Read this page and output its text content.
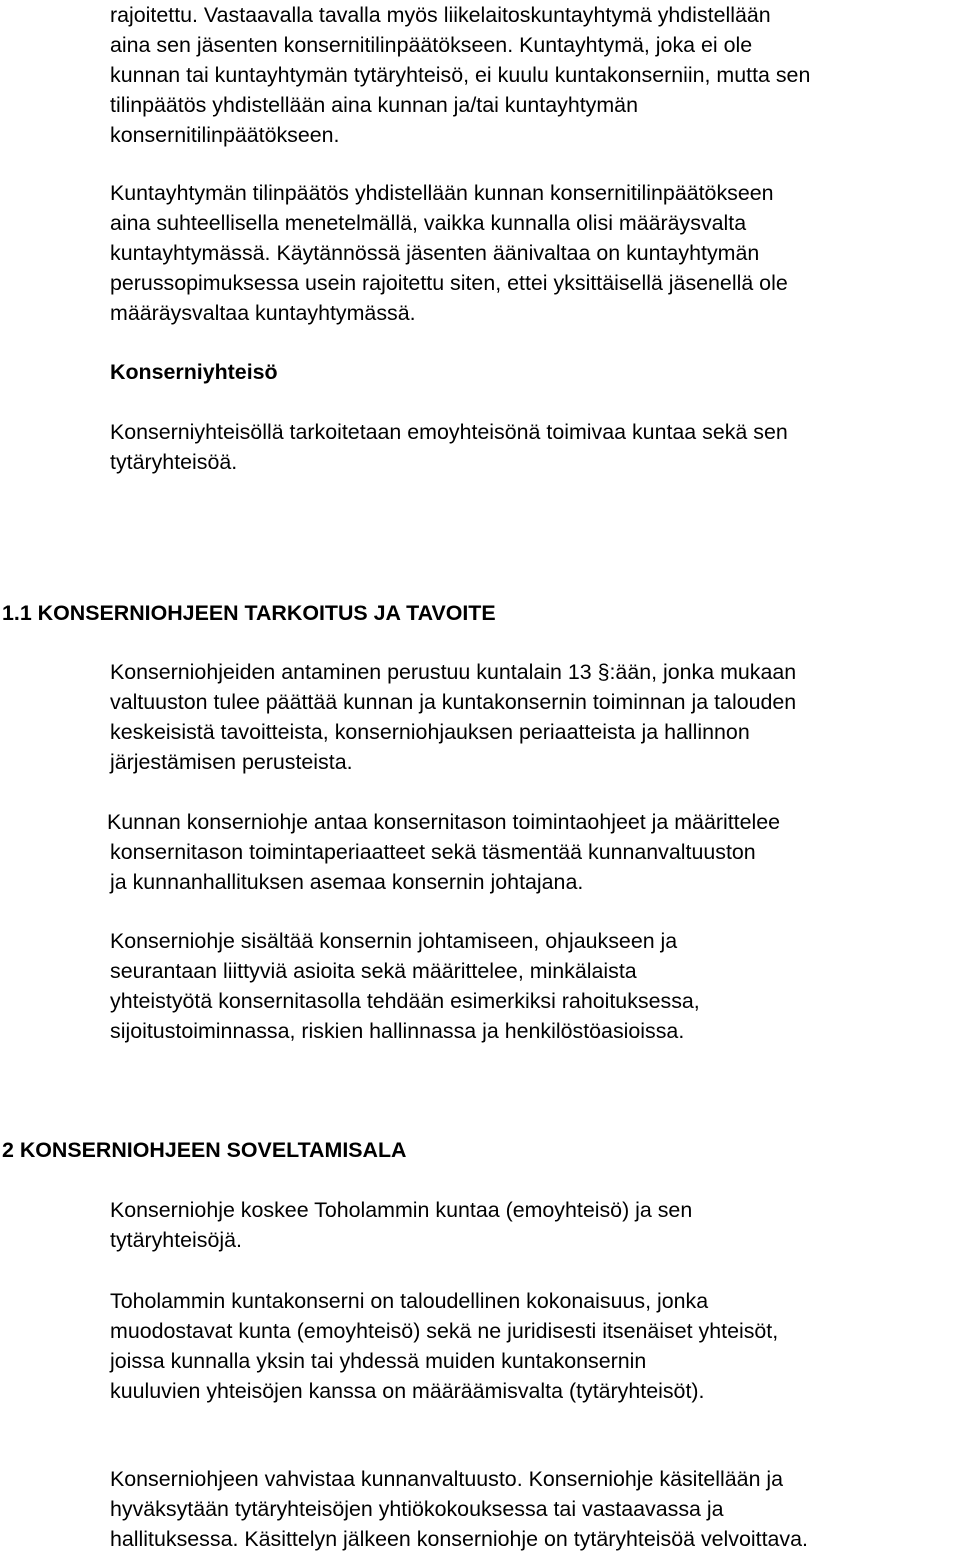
rajoitettu. Vastaavalla tavalla myös liikelaitoskuntayhtymä yhdistellään
aina sen jäsenten konsernitilinpäätökseen. Kuntayhtymä, joka ei ole
kunnan tai kuntayhtymän tytäryhteisö, ei kuulu kuntakonserniin, mutta sen
tilinpäätös yhdistellään aina kunnan ja/tai kuntayhtymän
konsernitilinpäätökseen.
Kuntayhtymän tilinpäätös yhdistellään kunnan konsernitilinpäätökseen
aina suhteellisella menetelmällä, vaikka kunnalla olisi määräysvalta
kuntayhtymässä. Käytännössä jäsenten äänivaltaa on kuntayhtymän
perussopimuksessa usein rajoitettu siten, ettei yksittäisellä jäsenellä ole
määräysvaltaa kuntayhtymässä.
Konserniyhteisö
Konserniyhteisöllä tarkoitetaan emoyhteisönä toimivaa kuntaa sekä sen
tytäryhteisöä.
1.1 KONSERNIOHJEEN TARKOITUS JA TAVOITE
Konserniohjeiden antaminen perustuu kuntalain 13 §:ään, jonka mukaan
valtuuston tulee päättää kunnan ja kuntakonsernin toiminnan ja talouden
keskeisistä tavoitteista, konserniohjauksen periaatteista ja hallinnon
järjestämisen perusteista.
Kunnan konserniohje antaa konsernitason toimintaohjeet ja määrittelee
konsernitason toimintaperiaatteet sekä täsmentää kunnanvaltuuston
ja kunnanhallituksen asemaa konsernin johtajana.
Konserniohje sisältää konsernin johtamiseen, ohjaukseen ja
seurantaan liittyviä asioita sekä määrittelee, minkälaista
yhteistyötä konsernitasolla tehdään esimerkiksi rahoituksessa,
sijoitustoiminnassa, riskien hallinnassa ja henkilöstöasioissa.
2 KONSERNIOHJEEN SOVELTAMISALA
Konserniohje koskee Toholammin kuntaa (emoyhteisö) ja sen
tytäryhteisöjä.
Toholammin kuntakonserni on taloudellinen kokonaisuus, jonka
muodostavat kunta (emoyhteisö) sekä ne juridisesti itsenäiset yhteisöt,
joissa kunnalla yksin tai yhdessä muiden kuntakonsernin
kuuluvien yhteisöjen kanssa on määräämisvalta (tytäryhteisöt).
Konserniohjeen vahvistaa kunnanvaltuusto. Konserniohje käsitellään ja
hyväksytään tytäryhteisöjen yhtiökokouksessa tai vastaavassa ja
hallituksessa. Käsittelyn jälkeen konserniohje on tytäryhteisöä velvoittava.
